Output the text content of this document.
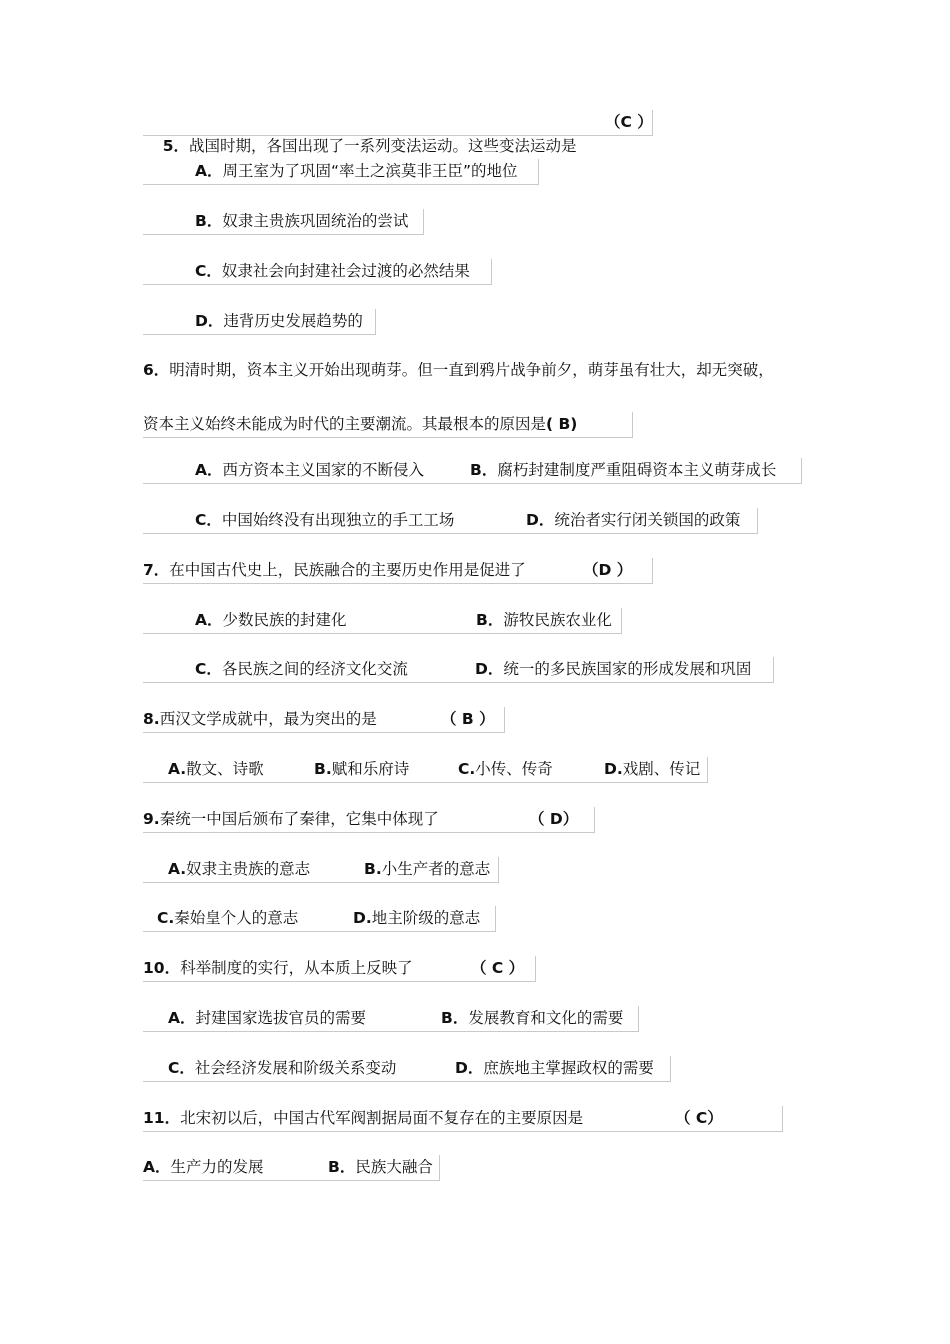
5．战国时期，各国出现了一系列变法运动。这些变法运动是

（C ）

A．周王室为了巩固“率土之滨莫非王臣”的地位

B．奴隶主贵族巩固统治的尝试

C．奴隶社会向封建社会过渡的必然结果

D．违背历史发展趋势的

6．明清时期，资本主义开始出现萌芽。但一直到鸦片战争前夕，萌芽虽有壮大，却无突破，

资本主义始终未能成为时代的主要潮流。其最根本的原因是( B)

A．西方资本主义国家的不断侵入

	B．腐朽封建制度严重阻碍资本主义萌芽成长

C．中国始终没有出现独立的手工工场

	D．统治者实行闭关锁国的政策

7．在中国古代史上，民族融合的主要历史作用是促进了

	（D ）

A．少数民族的封建化

	B．游牧民族农业化

C．各民族之间的经济文化交流

	D．统一的多民族国家的形成发展和巩固

8.西汉文学成就中，最为突出的是

	（ B ）

A.散文、诗歌

	B.赋和乐府诗

	C.小传、传奇

	D.戏剧、传记

9.秦统一中国后颁布了秦律，它集中体现了

	（ D）

A.奴隶主贵族的意志

	B.小生产者的意志

C.秦始皇个人的意志

	D.地主阶级的意志

10．科举制度的实行，从本质上反映了

	（ C ）

A．封建国家选拔官员的需要

	B．发展教育和文化的需要

C．社会经济发展和阶级关系变动

	D．庶族地主掌握政权的需要

11．北宋初以后，中国古代军阀割据局面不复存在的主要原因是

	（ C）

A．生产力的发展

	B．民族大融合
